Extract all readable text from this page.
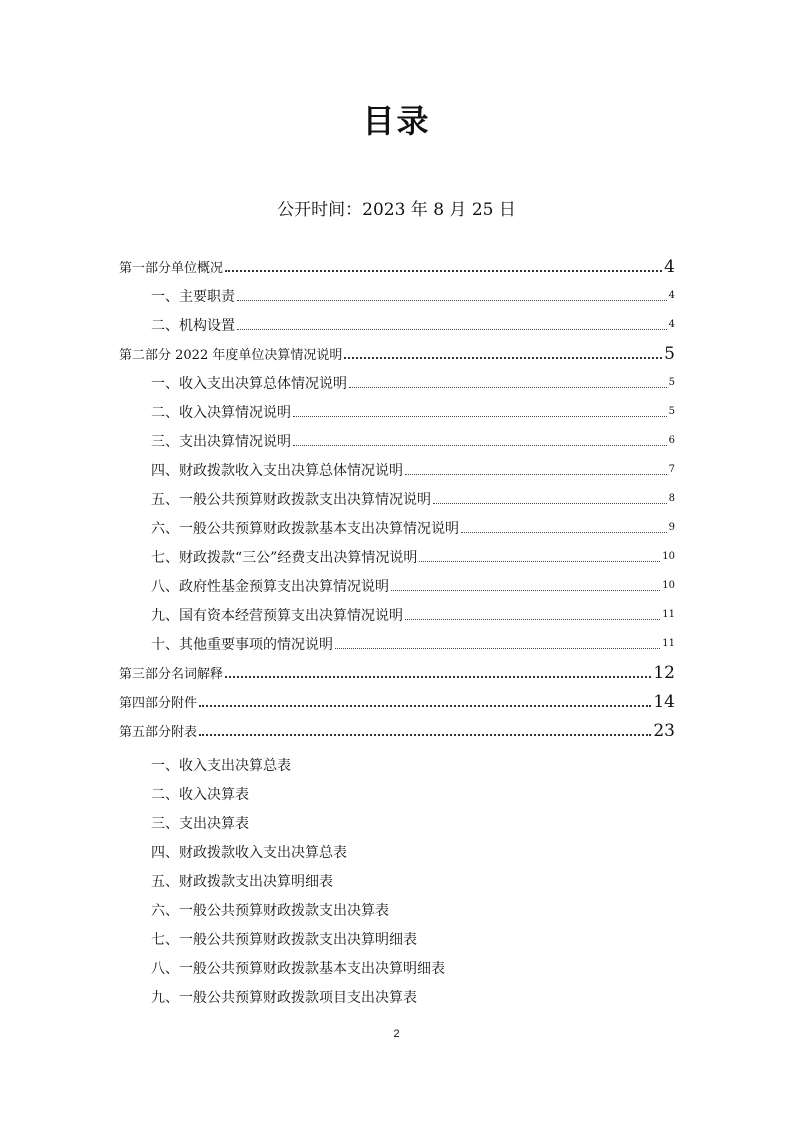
目录
公开时间：2023 年 8 月 25 日
第一部分单位概况	4
一、主要职责	4
二、机构设置	4
第二部分 2022 年度单位决算情况说明	5
一、收入支出决算总体情况说明	5
二、收入决算情况说明	5
三、支出决算情况说明	6
四、财政拨款收入支出决算总体情况说明	7
五、一般公共预算财政拨款支出决算情况说明	8
六、一般公共预算财政拨款基本支出决算情况说明	9
七、财政拨款“三公”经费支出决算情况说明	10
八、政府性基金预算支出决算情况说明	10
九、国有资本经营预算支出决算情况说明	11
十、其他重要事项的情况说明	11
第三部分名词解释	12
第四部分附件	14
第五部分附表	23
一、收入支出决算总表
二、收入决算表
三、支出决算表
四、财政拨款收入支出决算总表
五、财政拨款支出决算明细表
六、一般公共预算财政拨款支出决算表
七、一般公共预算财政拨款支出决算明细表
八、一般公共预算财政拨款基本支出决算明细表
九、一般公共预算财政拨款项目支出决算表
2
